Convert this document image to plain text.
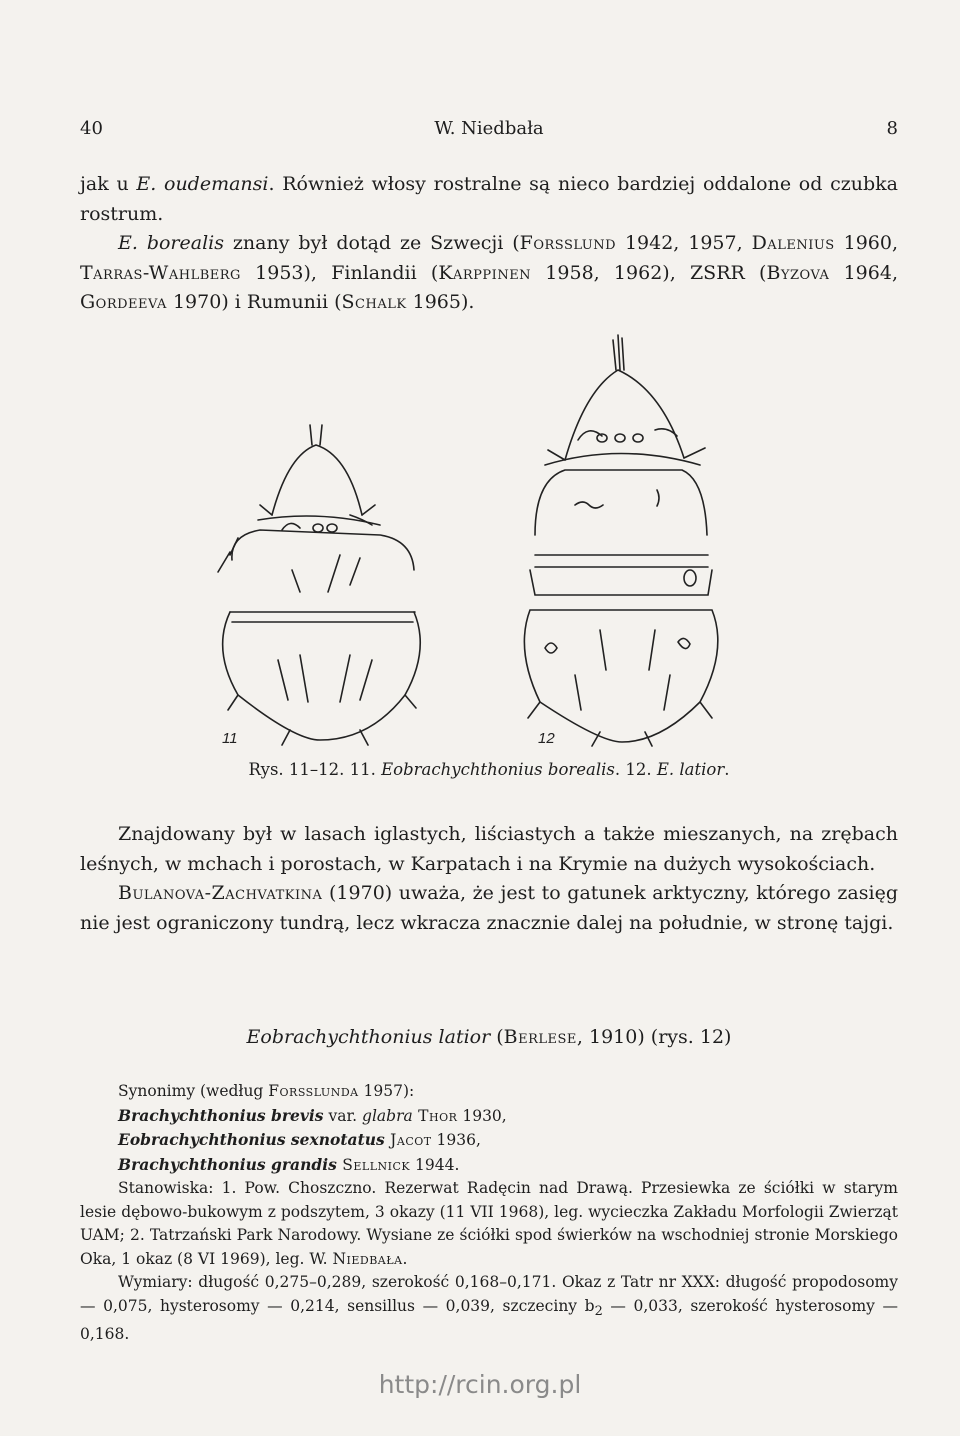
40	W. Niedbała	8

jak u E. oudemansi. Również włosy rostralne są nieco bardziej oddalone od czubka rostrum.

E. borealis znany był dotąd ze Szwecji (Forsslund 1942, 1957, Dalenius 1960, Tarras-Wahlberg 1953), Finlandii (Karppinen 1958, 1962), ZSRR (Byzova 1964, Gordeeva 1970) i Rumunii (Schalk 1965).

11	12
Rys. 11–12. 11. Eobrachychthonius borealis. 12. E. latior.

Znajdowany był w lasach iglastych, liściastych a także mieszanych, na zrębach leśnych, w mchach i porostach, w Karpatach i na Krymie na dużych wysokościach.

Bulanova-Zachvatkina (1970) uważa, że jest to gatunek arktyczny, którego zasięg nie jest ograniczony tundrą, lecz wkracza znacznie dalej na południe, w stronę tajgi.

Eobrachychthonius latior (Berlese, 1910) (rys. 12)

Synonimy (według Forsslunda 1957):

Brachychthonius brevis var. glabra Thor 1930,

Eobrachychthonius sexnotatus Jacot 1936,

Brachychthonius grandis Sellnick 1944.

Stanowiska: 1. Pow. Choszczno. Rezerwat Radęcin nad Drawą. Przesiewka ze ściółki w starym lesie dębowo-bukowym z podszytem, 3 okazy (11 VII 1968), leg. wycieczka Zakładu Morfologii Zwierząt UAM; 2. Tatrzański Park Narodowy. Wysiane ze ściółki spod świerków na wschodniej stronie Morskiego Oka, 1 okaz (8 VI 1969), leg. W. Niedbała.

Wymiary: długość 0,275–0,289, szerokość 0,168–0,171. Okaz z Tatr nr XXX: długość propodosomy — 0,075, hysterosomy — 0,214, sensillus — 0,039, szczeciny $b_2$ — 0,033, szerokość hysterosomy — 0,168.

http://rcin.org.pl
